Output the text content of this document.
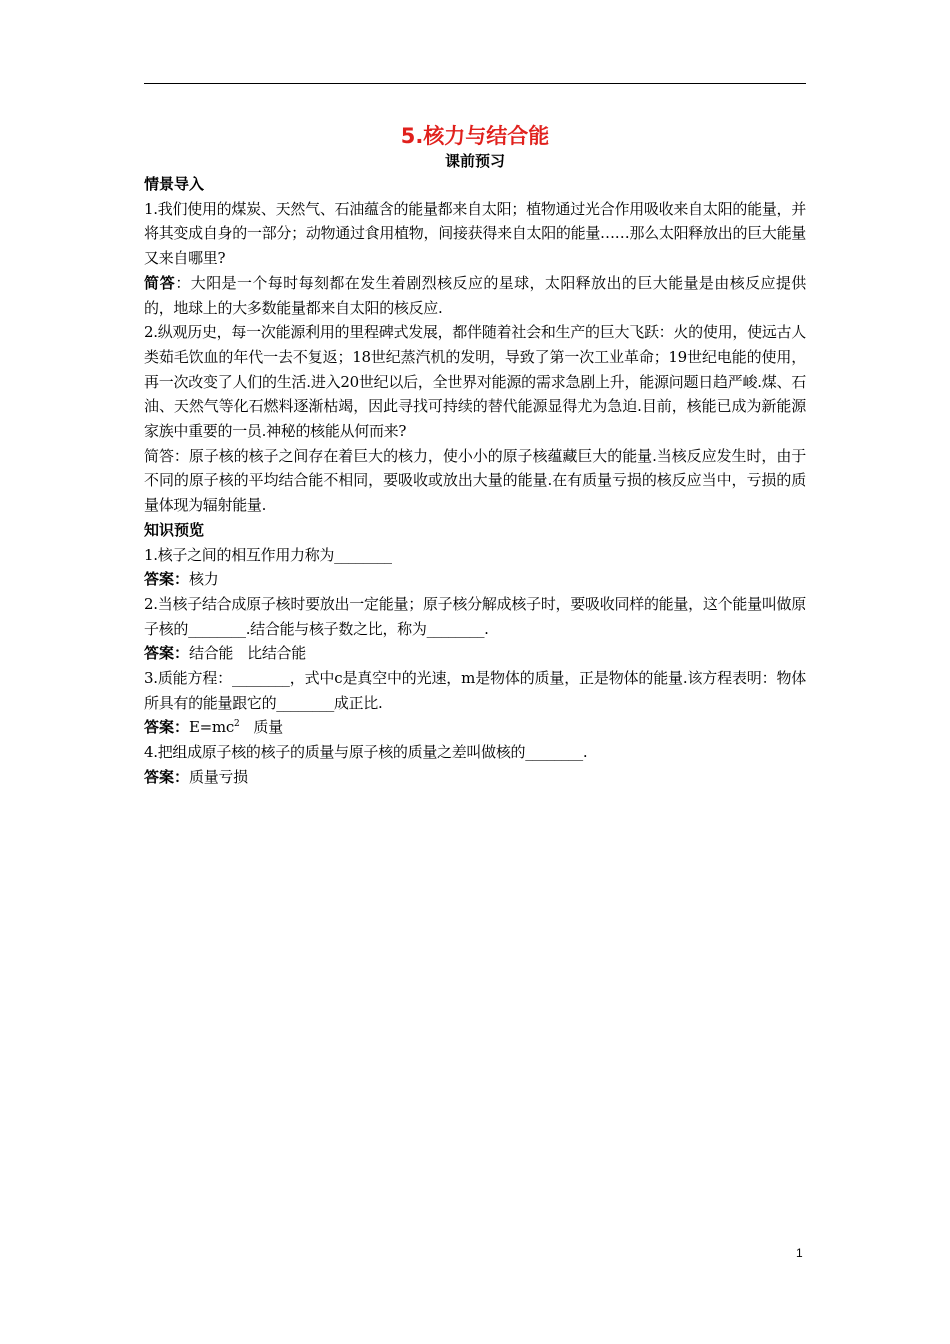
5.核力与结合能

课前预习

情景导入

1.我们使用的煤炭、天然气、石油蕴含的能量都来自太阳；植物通过光合作用吸收来自太阳的能量，并将其变成自身的一部分；动物通过食用植物，间接获得来自太阳的能量……那么太阳释放出的巨大能量又来自哪里?

简答：大阳是一个每时每刻都在发生着剧烈核反应的星球，太阳释放出的巨大能量是由核反应提供的，地球上的大多数能量都来自太阳的核反应.

2.纵观历史，每一次能源利用的里程碑式发展，都伴随着社会和生产的巨大飞跃：火的使用，使远古人类茹毛饮血的年代一去不复返；18世纪蒸汽机的发明，导致了第一次工业革命；19世纪电能的使用，再一次改变了人们的生活.进入20世纪以后，全世界对能源的需求急剧上升，能源问题日趋严峻.煤、石油、天然气等化石燃料逐渐枯竭，因此寻找可持续的替代能源显得尤为急迫.目前，核能已成为新能源家族中重要的一员.神秘的核能从何而来?

简答：原子核的核子之间存在着巨大的核力，使小小的原子核蕴藏巨大的能量.当核反应发生时，由于不同的原子核的平均结合能不相同，要吸收或放出大量的能量.在有质量亏损的核反应当中，亏损的质量体现为辐射能量.

知识预览

1.核子之间的相互作用力称为________

答案：核力

2.当核子结合成原子核时要放出一定能量；原子核分解成核子时，要吸收同样的能量，这个能量叫做原子核的________.结合能与核子数之比，称为________.

答案：结合能 比结合能

3.质能方程：________，式中c是真空中的光速，m是物体的质量，正是物体的能量.该方程表明：物体所具有的能量跟它的________成正比.

答案：$E=mc^2$ 质量

4.把组成原子核的核子的质量与原子核的质量之差叫做核的________.

答案：质量亏损

1
